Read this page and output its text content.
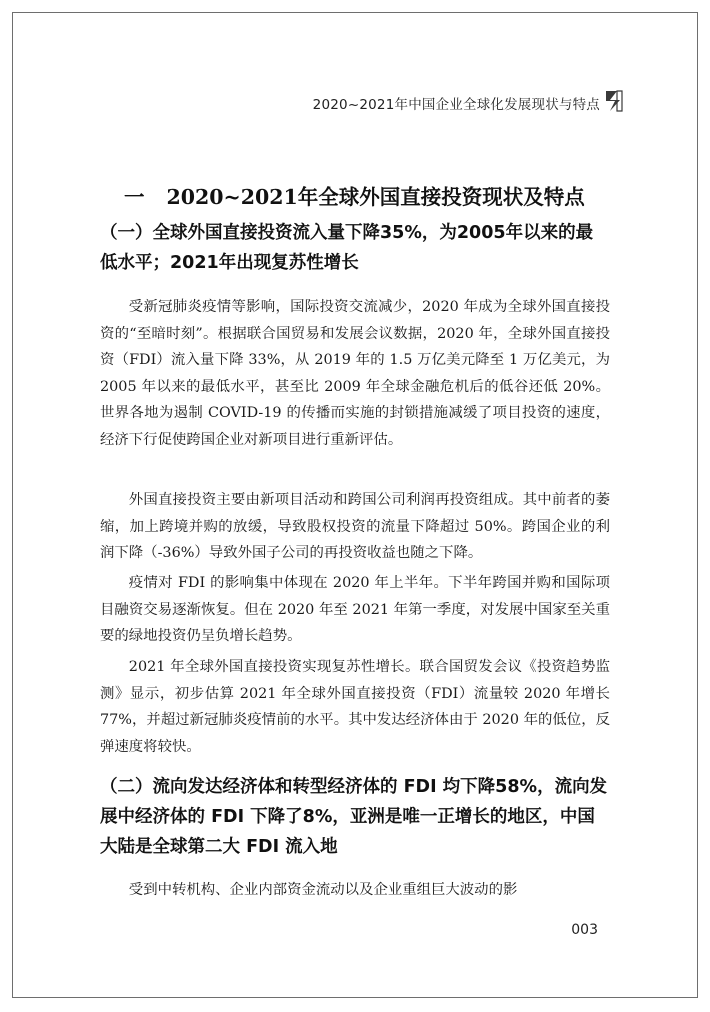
2020~2021年中国企业全球化发展现状与特点
一 2020~2021年全球外国直接投资现状及特点
（一）全球外国直接投资流入量下降35%，为2005年以来的最低水平；2021年出现复苏性增长

受新冠肺炎疫情等影响，国际投资交流减少，2020 年成为全球外国直接投资的“至暗时刻”。根据联合国贸易和发展会议数据，2020 年，全球外国直接投资（FDI）流入量下降 33%，从 2019 年的 1.5 万亿美元降至 1 万亿美元，为 2005 年以来的最低水平，甚至比 2009 年全球金融危机后的低谷还低 20%。世界各地为遏制 COVID-19 的传播而实施的封锁措施减缓了项目投资的速度，经济下行促使跨国企业对新项目进行重新评估。

外国直接投资主要由新项目活动和跨国公司利润再投资组成。其中前者的萎缩，加上跨境并购的放缓，导致股权投资的流量下降超过 50%。跨国企业的利润下降（-36%）导致外国子公司的再投资收益也随之下降。

疫情对 FDI 的影响集中体现在 2020 年上半年。下半年跨国并购和国际项目融资交易逐渐恢复。但在 2020 年至 2021 年第一季度，对发展中国家至关重要的绿地投资仍呈负增长趋势。

2021 年全球外国直接投资实现复苏性增长。联合国贸发会议《投资趋势监测》显示，初步估算 2021 年全球外国直接投资（FDI）流量较 2020 年增长 77%，并超过新冠肺炎疫情前的水平。其中发达经济体由于 2020 年的低位，反弹速度将较快。

（二）流向发达经济体和转型经济体的 FDI 均下降58%，流向发展中经济体的 FDI 下降了8%，亚洲是唯一正增长的地区，中国大陆是全球第二大 FDI 流入地

受到中转机构、企业内部资金流动以及企业重组巨大波动的影

003
